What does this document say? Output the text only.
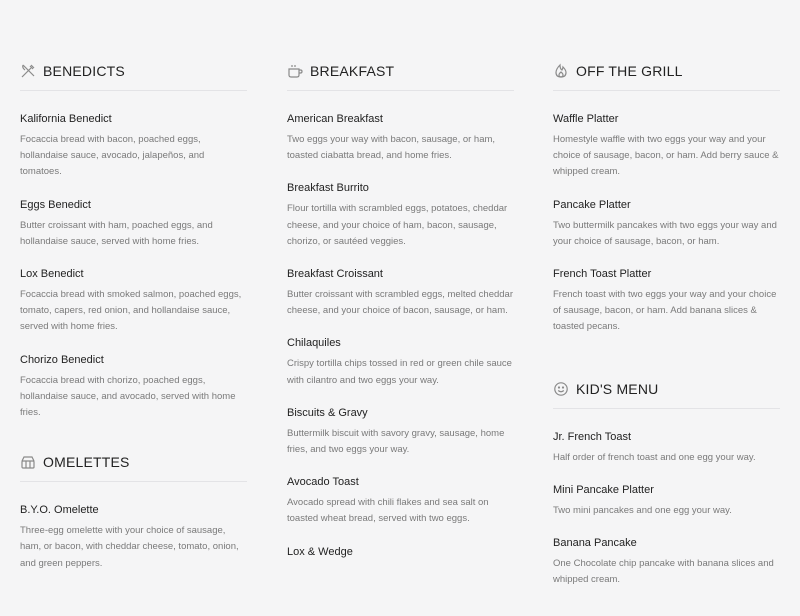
BENEDICTS
Kalifornia Benedict
Focaccia bread with bacon, poached eggs, hollandaise sauce, avocado, jalapeños, and tomatoes.
Eggs Benedict
Butter croissant with ham, poached eggs, and hollandaise sauce, served with home fries.
Lox Benedict
Focaccia bread with smoked salmon, poached eggs, tomato, capers, red onion, and hollandaise sauce, served with home fries.
Chorizo Benedict
Focaccia bread with chorizo, poached eggs, hollandaise sauce, and avocado, served with home fries.
OMELETTES
B.Y.O. Omelette
Three-egg omelette with your choice of sausage, ham, or bacon, with cheddar cheese, tomato, onion, and green peppers.
BREAKFAST
American Breakfast
Two eggs your way with bacon, sausage, or ham, toasted ciabatta bread, and home fries.
Breakfast Burrito
Flour tortilla with scrambled eggs, potatoes, cheddar cheese, and your choice of ham, bacon, sausage, chorizo, or sautéed veggies.
Breakfast Croissant
Butter croissant with scrambled eggs, melted cheddar cheese, and your choice of bacon, sausage, or ham.
Chilaquiles
Crispy tortilla chips tossed in red or green chile sauce with cilantro and two eggs your way.
Biscuits & Gravy
Buttermilk biscuit with savory gravy, sausage, home fries, and two eggs your way.
Avocado Toast
Avocado spread with chili flakes and sea salt on toasted wheat bread, served with two eggs.
Lox & Wedge
OFF THE GRILL
Waffle Platter
Homestyle waffle with two eggs your way and your choice of sausage, bacon, or ham. Add berry sauce & whipped cream.
Pancake Platter
Two buttermilk pancakes with two eggs your way and your choice of sausage, bacon, or ham.
French Toast Platter
French toast with two eggs your way and your choice of sausage, bacon, or ham. Add banana slices & toasted pecans.
KID'S MENU
Jr. French Toast
Half order of french toast and one egg your way.
Mini Pancake Platter
Two mini pancakes and one egg your way.
Banana Pancake
One Chocolate chip pancake with banana slices and whipped cream.
